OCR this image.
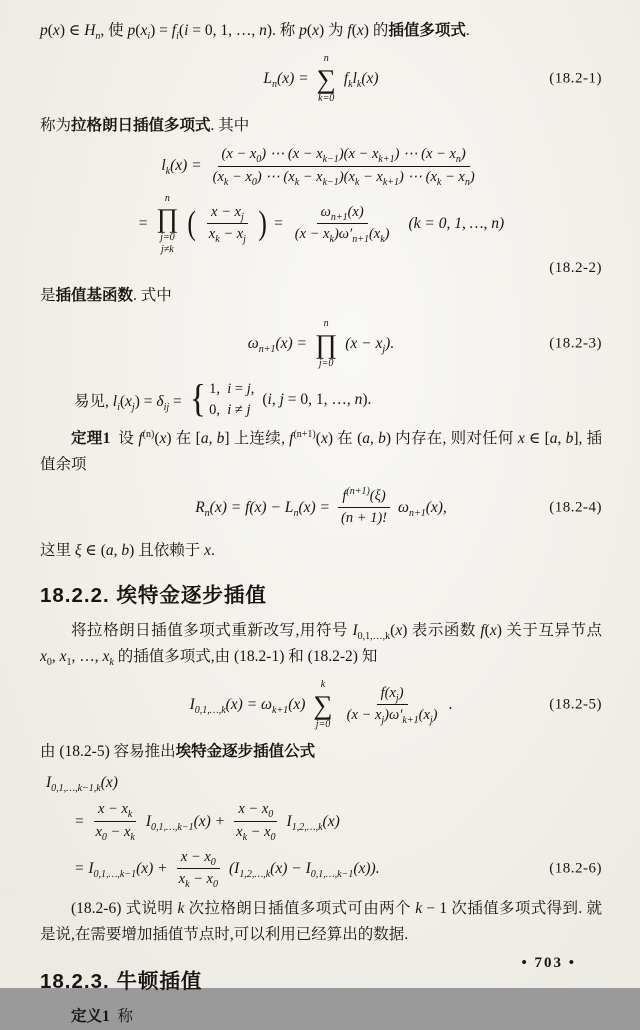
p(x) ∈ $H_n$, 使 $p(x_i) = f_i(i = 0$, 1, …, n). 称 p(x) 为 f(x) 的插值多项式.

$L_n(x)$ =
n
∑
k=0
$f_kl_k(x)$	(18.2-1)

称为拉格朗日插值多项式. 其中

$l_k(x) = \frac{(x - x_0) \cdots (x - x_{k-1})(x - x_{k+1}) \cdots (x - x_n)}{(x_k - x_0) \cdots (x_k - x_{k-1})(x_k - x_{k+1}) \cdots (x_k - x_n)}$
=
n
∏
j=0
j≠k
( $\frac{x - x_j}{x_k - x_j}$ ) = $\frac{\omega_{n+1}(x)}{(x - x_k)\omega'_{n+1}(x_k)} (k = 0$, 1, …, n)
(18.2-2)

是插值基函数. 式中

$\omega_{n+1}(x)$ =
n
∏
j=0
$(x - x_j)$.	(18.2-3)
易见, $l_i(x_j) = \delta_{ij}$ = { 1,  i = j,
0,  i ≠ j
(i, j = 0, 1, …, n).

定理1  设 $f^{(n)}(x)$ 在 [a, b] 上连续, $f^{(n+1)}(x)$ 在 (a, b) 内存在, 则对任何 x ∈ [a, b], 插值余项

$R_n(x) = f(x) - L_n(x) = \frac{f^{(n+1)}(\xi)}{(n + 1)!} \omega_{n+1}(x)$,	(18.2-4)

这里 ξ ∈ (a, b) 且依赖于 x.

18.2.2. 埃特金逐步插值

将拉格朗日插值多项式重新改写,用符号 $I_{0,1,\dots,k}(x)$ 表示函数 f(x) 关于互异节点 $x_0$, $x_1$, …, $x_k$ 的插值多项式,由 (18.2-1) 和 (18.2-2) 知

$I_{0,1,\dots,k}(x) = \omega_{k+1}(x)$
k
∑
$j=0 \frac{f(x_j)}{(x - x_j)\omega'_{k+1}(x_j)}$ .	(18.2-5)

由 (18.2-5) 容易推出埃特金逐步插值公式

$I_{0,1,\dots,k-1,k}(x)$
= $\frac{x - x_k}{x_0 - x_k} I_{0,1,\dots,k-1}(x) + \frac{x - x_0}{x_k - x_0} I_{1,2,\dots,k}(x)$
= $I_{0,1,\dots,k-1}(x) + \frac{x - x_0}{x_k - x_0} (I_{1,2,\dots,k}(x) - I_{0,1,\dots,k-1}(x))$.	(18.2-6)

(18.2-6) 式说明 k 次拉格朗日插值多项式可由两个 k − 1 次插值多项式得到. 就是说,在需要增加插值节点时,可以利用已经算出的数据.

18.2.3. 牛顿插值

定义1  称

• 703 •
